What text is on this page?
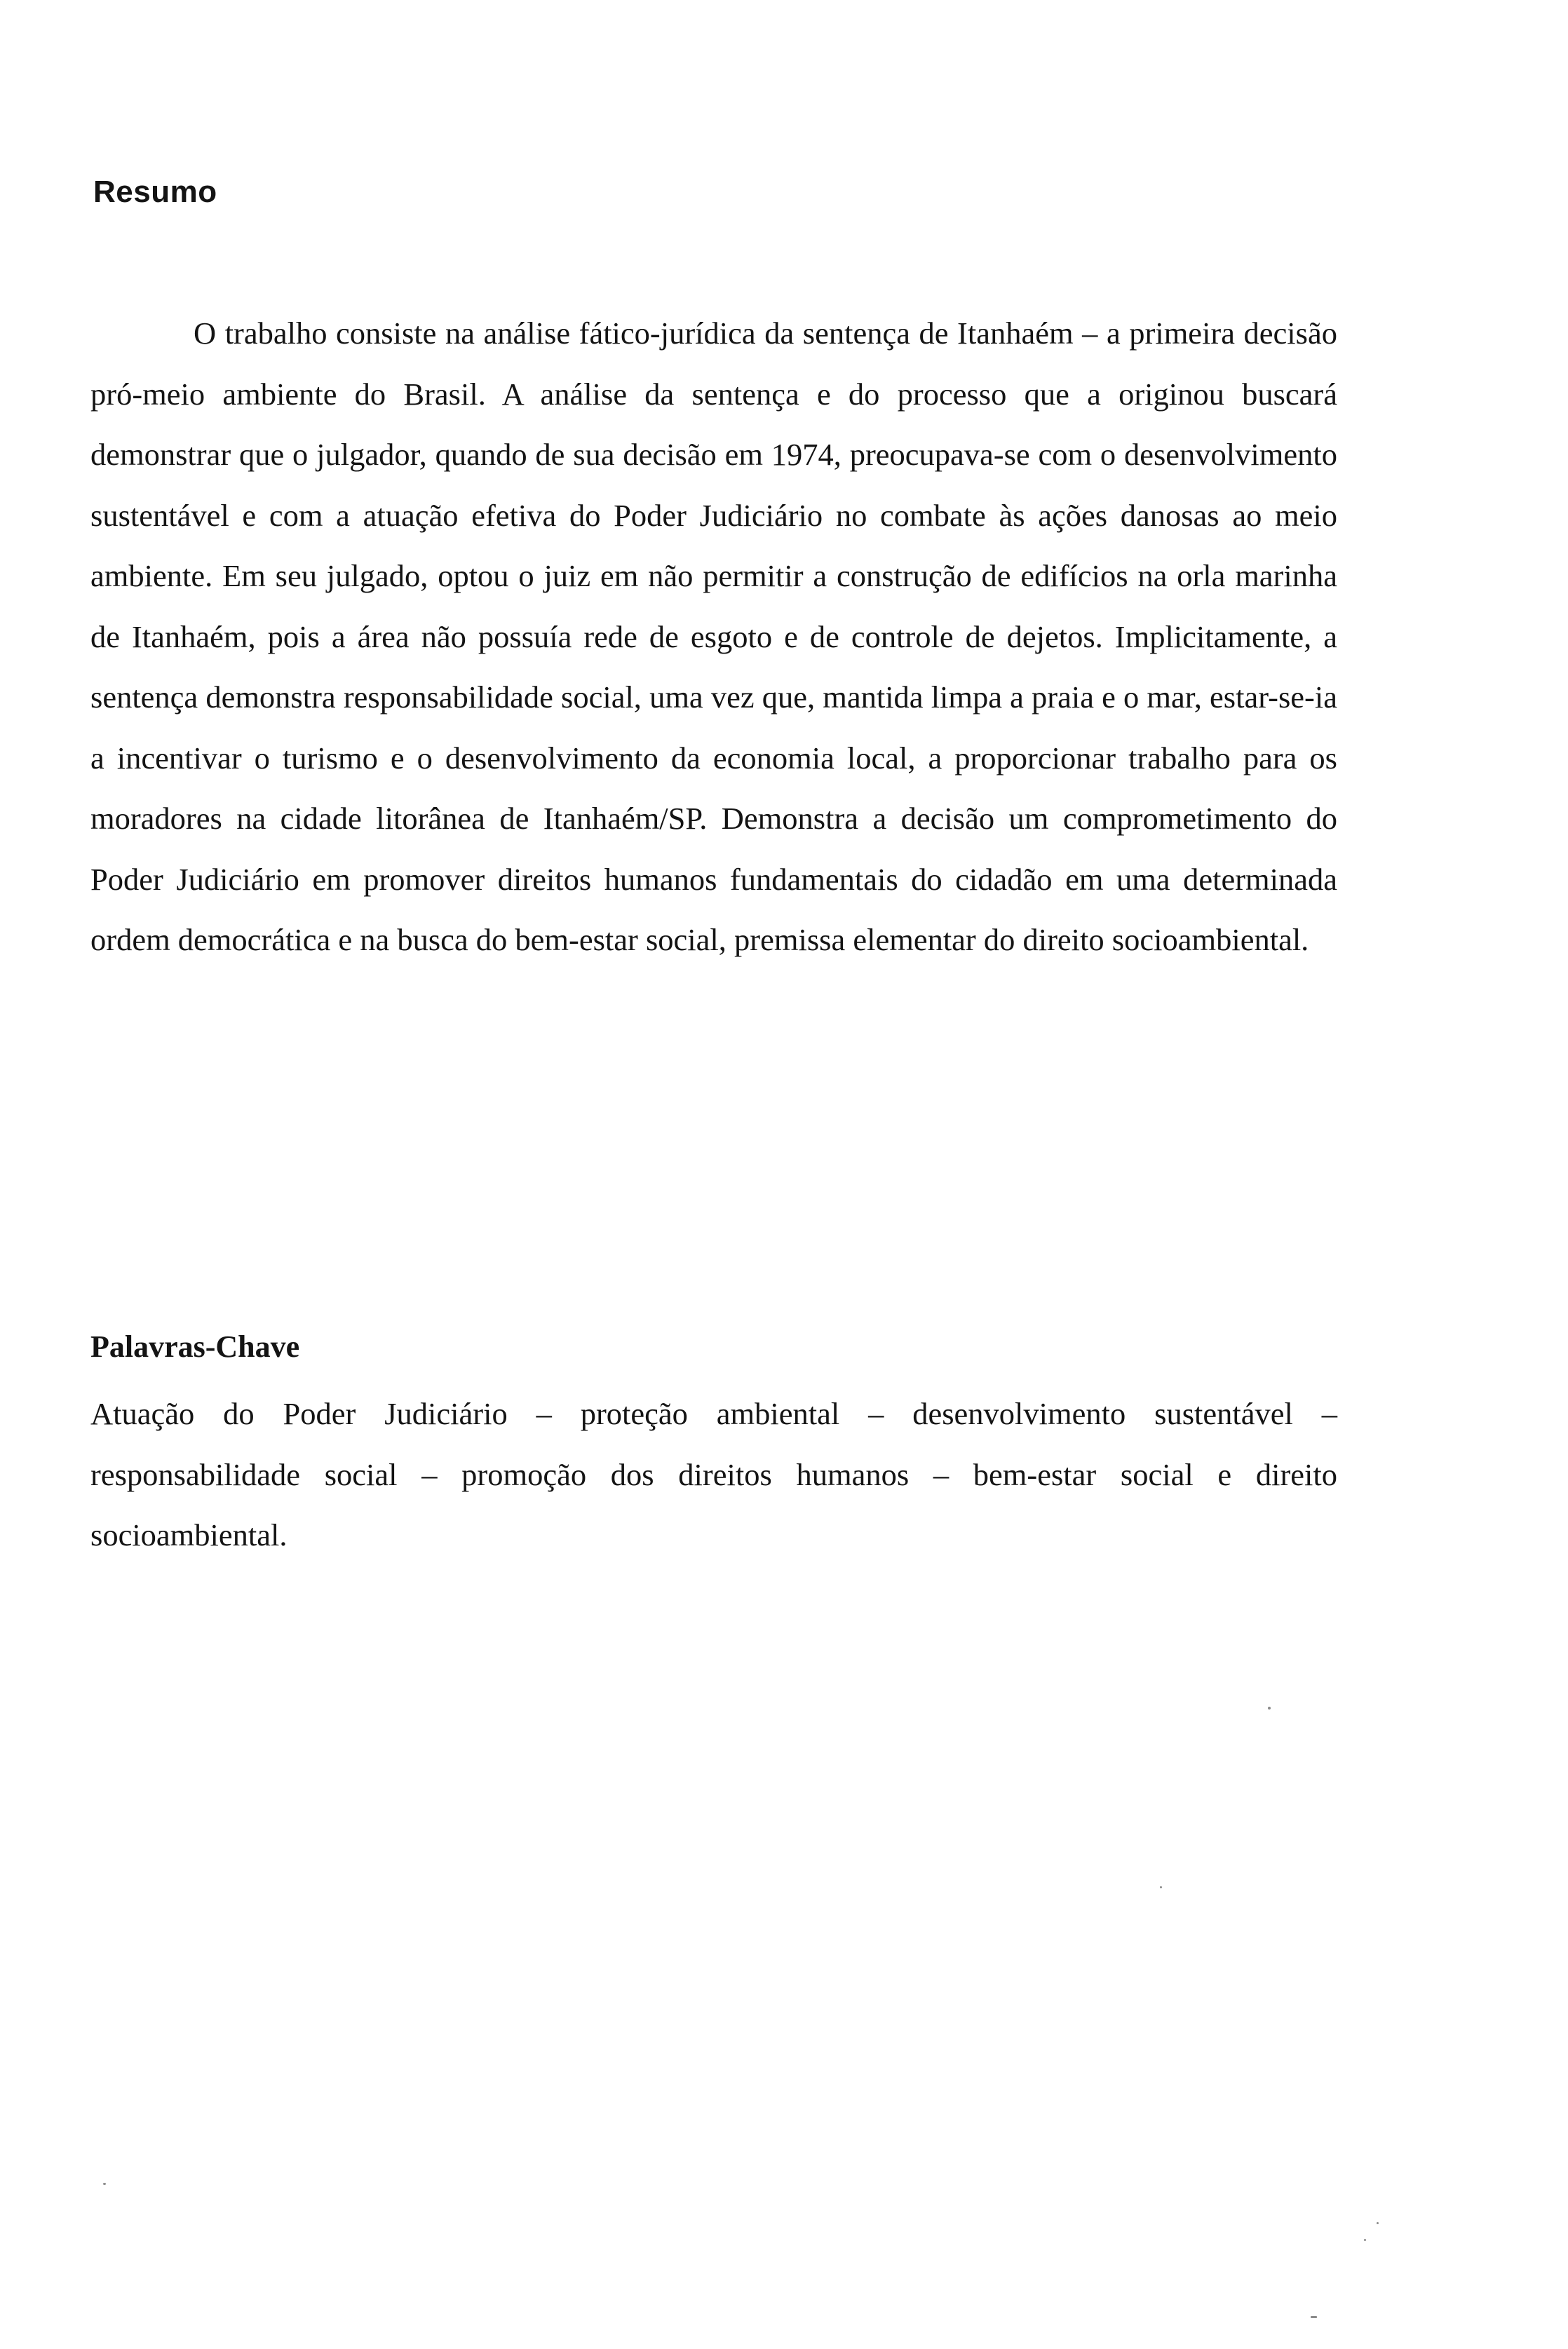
Resumo

O trabalho consiste na análise fático-jurídica da sentença de Itanhaém – a primeira decisão pró-meio ambiente do Brasil. A análise da sentença e do processo que a originou buscará demonstrar que o julgador, quando de sua decisão em 1974, preocupava-se com o desenvolvimento sustentável e com a atuação efetiva do Poder Judiciário no combate às ações danosas ao meio ambiente. Em seu julgado, optou o juiz em não permitir a construção de edifícios na orla marinha de Itanhaém, pois a área não possuía rede de esgoto e de controle de dejetos. Implicitamente, a sentença demonstra responsabilidade social, uma vez que, mantida limpa a praia e o mar, estar-se-ia a incentivar o turismo e o desenvolvimento da economia local, a proporcionar trabalho para os moradores na cidade litorânea de Itanhaém/SP. Demonstra a decisão um comprometimento do Poder Judiciário em promover direitos humanos fundamentais do cidadão em uma determinada ordem democrática e na busca do bem-estar social, premissa elementar do direito socioambiental.

Palavras-Chave

Atuação do Poder Judiciário – proteção ambiental – desenvolvimento sustentável – responsabilidade social – promoção dos direitos humanos – bem-estar social e direito socioambiental.
